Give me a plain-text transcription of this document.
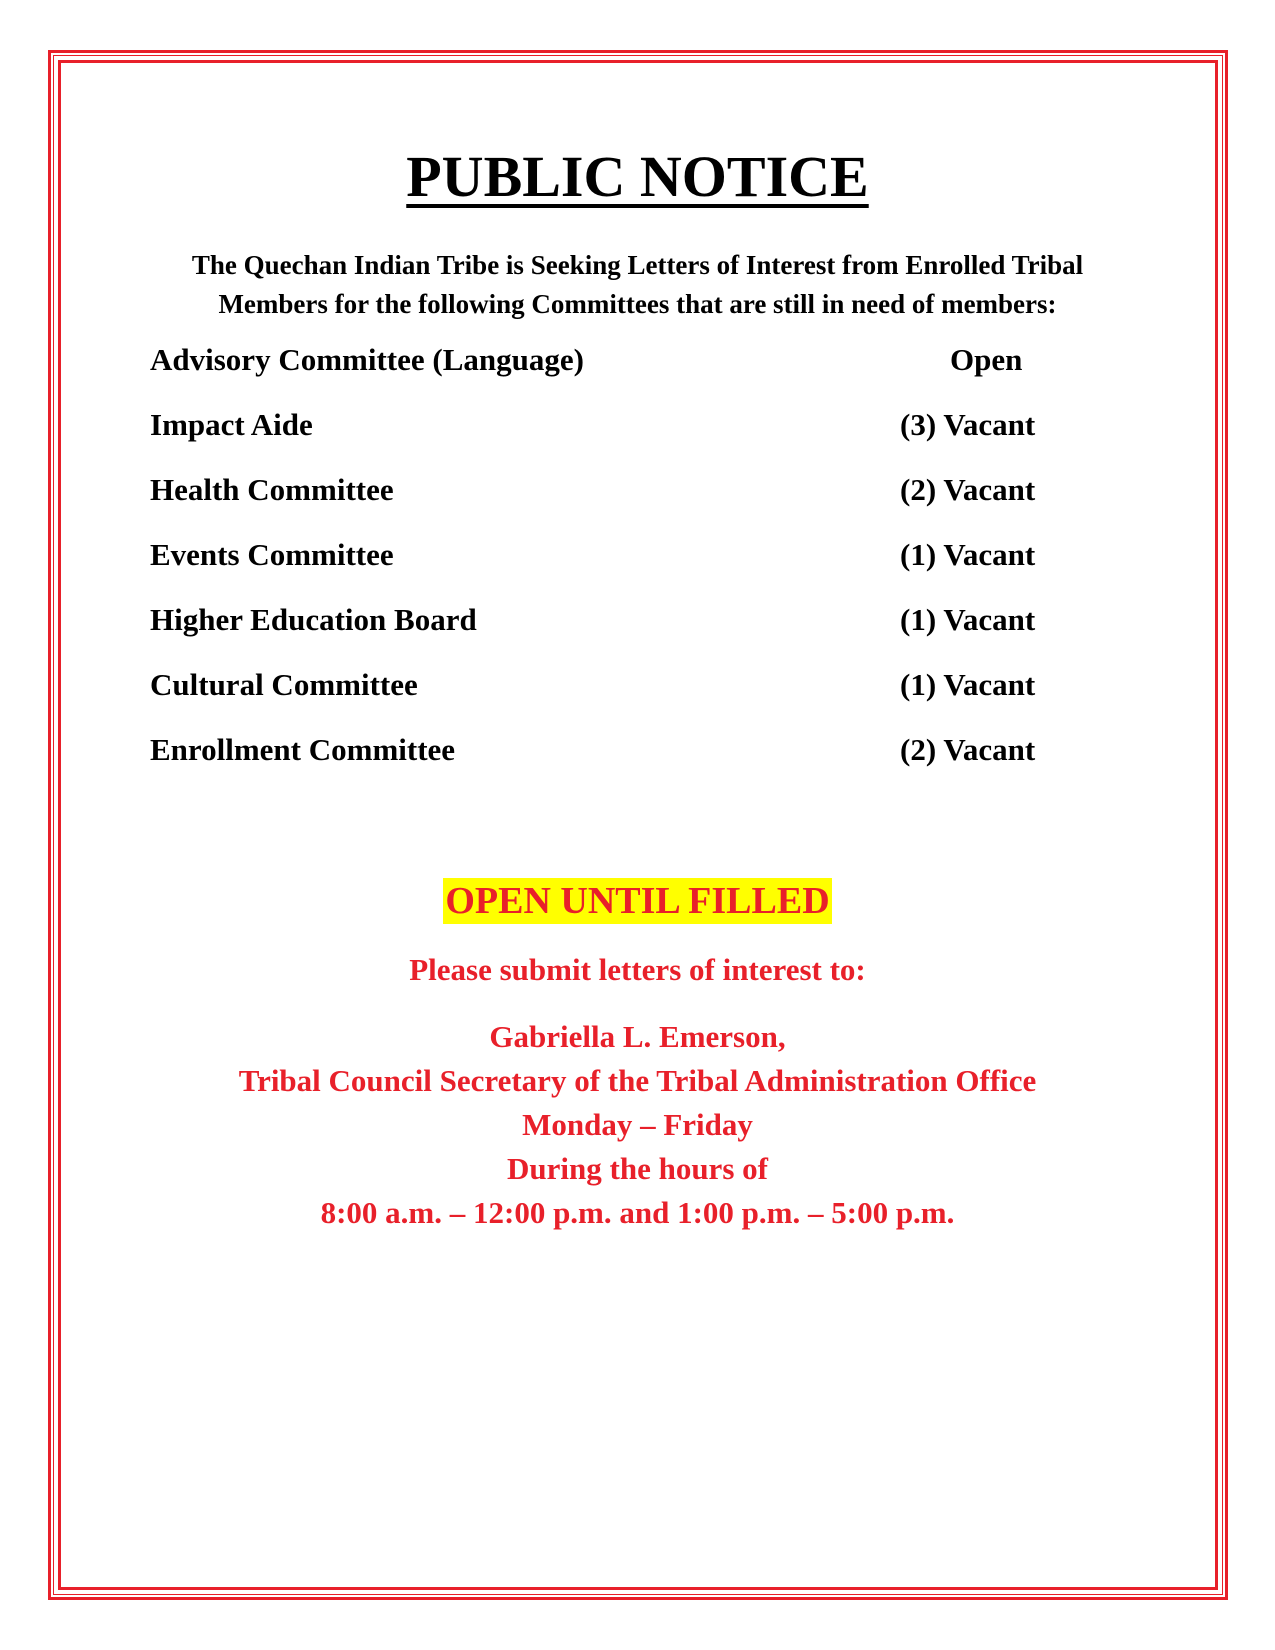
PUBLIC NOTICE
The Quechan Indian Tribe is Seeking Letters of Interest from Enrolled Tribal
Members for the following Committees that are still in need of members:
Advisory Committee (Language)	Open
Impact Aide	(3) Vacant
Health Committee	(2) Vacant
Events Committee	(1) Vacant
Higher Education Board	(1) Vacant
Cultural Committee	(1) Vacant
Enrollment Committee	(2) Vacant
OPEN UNTIL FILLED
Please submit letters of interest to:
Gabriella L. Emerson,
Tribal Council Secretary of the Tribal Administration Office
Monday – Friday
During the hours of
8:00 a.m. – 12:00 p.m. and 1:00 p.m. – 5:00 p.m.
